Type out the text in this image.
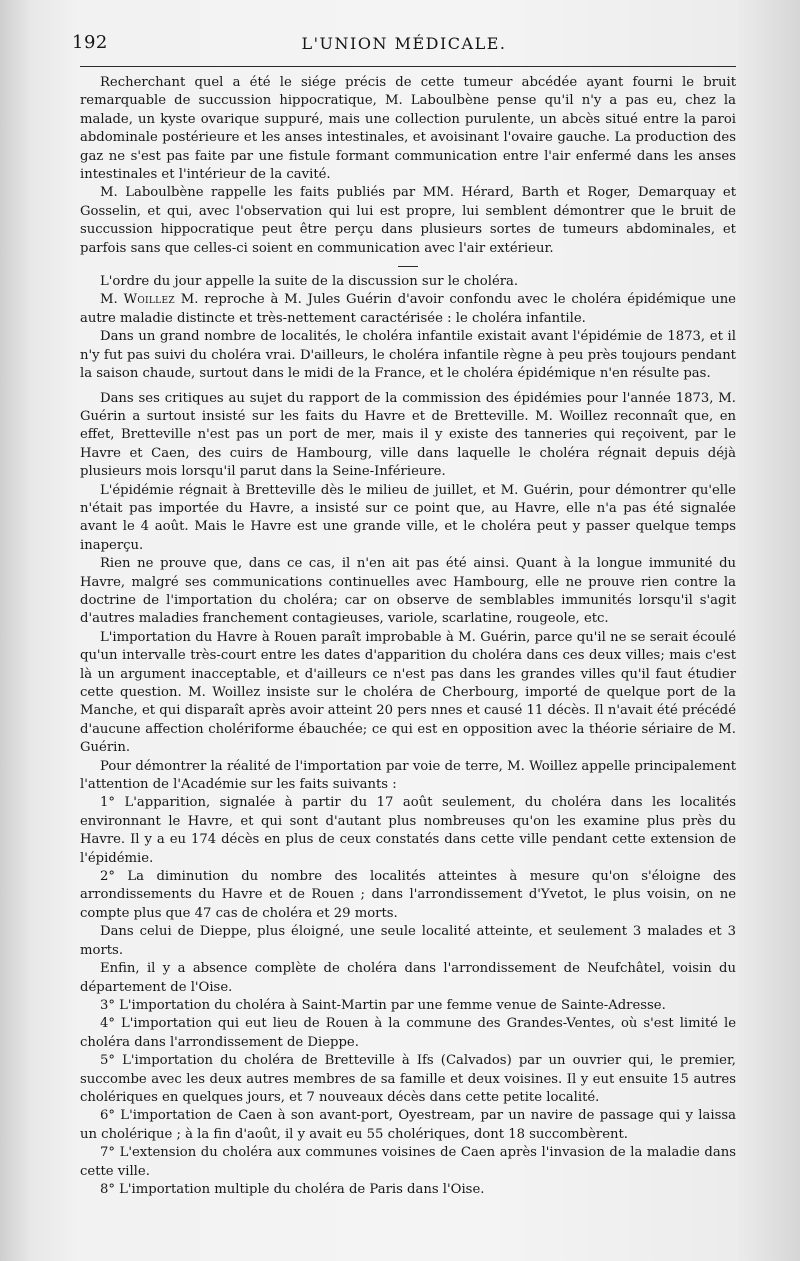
192	L'UNION MÉDICALE.

Recherchant quel a été le siége précis de cette tumeur abcédée ayant fourni le bruit remarquable de succussion hippocratique, M. Laboulbène pense qu'il n'y a pas eu, chez la malade, un kyste ovarique suppuré, mais une collection purulente, un abcès situé entre la paroi abdominale postérieure et les anses intestinales, et avoisinant l'ovaire gauche. La production des gaz ne s'est pas faite par une fistule formant communication entre l'air enfermé dans les anses intestinales et l'intérieur de la cavité.

M. Laboulbène rappelle les faits publiés par MM. Hérard, Barth et Roger, Demarquay et Gosselin, et qui, avec l'observation qui lui est propre, lui semblent démontrer que le bruit de succussion hippocratique peut être perçu dans plusieurs sortes de tumeurs abdominales, et parfois sans que celles-ci soient en communication avec l'air extérieur.

L'ordre du jour appelle la suite de la discussion sur le choléra.

M. Woillez M. reproche à M. Jules Guérin d'avoir confondu avec le choléra épidémique une autre maladie distincte et très-nettement caractérisée : le choléra infantile.

Dans un grand nombre de localités, le choléra infantile existait avant l'épidémie de 1873, et il n'y fut pas suivi du choléra vrai. D'ailleurs, le choléra infantile règne à peu près toujours pendant la saison chaude, surtout dans le midi de la France, et le choléra épidémique n'en résulte pas.

Dans ses critiques au sujet du rapport de la commission des épidémies pour l'année 1873, M. Guérin a surtout insisté sur les faits du Havre et de Bretteville. M. Woillez reconnaît que, en effet, Bretteville n'est pas un port de mer, mais il y existe des tanneries qui reçoivent, par le Havre et Caen, des cuirs de Hambourg, ville dans laquelle le choléra régnait depuis déjà plusieurs mois lorsqu'il parut dans la Seine-Inférieure.

L'épidémie régnait à Bretteville dès le milieu de juillet, et M. Guérin, pour démontrer qu'elle n'était pas importée du Havre, a insisté sur ce point que, au Havre, elle n'a pas été signalée avant le 4 août. Mais le Havre est une grande ville, et le choléra peut y passer quelque temps inaperçu.

Rien ne prouve que, dans ce cas, il n'en ait pas été ainsi. Quant à la longue immunité du Havre, malgré ses communications continuelles avec Hambourg, elle ne prouve rien contre la doctrine de l'importation du choléra; car on observe de semblables immunités lorsqu'il s'agit d'autres maladies franchement contagieuses, variole, scarlatine, rougeole, etc.

L'importation du Havre à Rouen paraît improbable à M. Guérin, parce qu'il ne se serait écoulé qu'un intervalle très-court entre les dates d'apparition du choléra dans ces deux villes; mais c'est là un argument inacceptable, et d'ailleurs ce n'est pas dans les grandes villes qu'il faut étudier cette question. M. Woillez insiste sur le choléra de Cherbourg, importé de quelque port de la Manche, et qui disparaît après avoir atteint 20 pers nnes et causé 11 décès. Il n'avait été précédé d'aucune affection cholériforme ébauchée; ce qui est en opposition avec la théorie sériaire de M. Guérin.

Pour démontrer la réalité de l'importation par voie de terre, M. Woillez appelle principalement l'attention de l'Académie sur les faits suivants :

1° L'apparition, signalée à partir du 17 août seulement, du choléra dans les localités environnant le Havre, et qui sont d'autant plus nombreuses qu'on les examine plus près du Havre. Il y a eu 174 décès en plus de ceux constatés dans cette ville pendant cette extension de l'épidémie.

2° La diminution du nombre des localités atteintes à mesure qu'on s'éloigne des arrondissements du Havre et de Rouen ; dans l'arrondissement d'Yvetot, le plus voisin, on ne compte plus que 47 cas de choléra et 29 morts.

Dans celui de Dieppe, plus éloigné, une seule localité atteinte, et seulement 3 malades et 3 morts.

Enfin, il y a absence complète de choléra dans l'arrondissement de Neufchâtel, voisin du département de l'Oise.

3° L'importation du choléra à Saint-Martin par une femme venue de Sainte-Adresse.

4° L'importation qui eut lieu de Rouen à la commune des Grandes-Ventes, où s'est limité le choléra dans l'arrondissement de Dieppe.

5° L'importation du choléra de Bretteville à Ifs (Calvados) par un ouvrier qui, le premier, succombe avec les deux autres membres de sa famille et deux voisines. Il y eut ensuite 15 autres cholériques en quelques jours, et 7 nouveaux décès dans cette petite localité.

6° L'importation de Caen à son avant-port, Oyestream, par un navire de passage qui y laissa un cholérique ; à la fin d'août, il y avait eu 55 cholériques, dont 18 succombèrent.

7° L'extension du choléra aux communes voisines de Caen après l'invasion de la maladie dans cette ville.

8° L'importation multiple du choléra de Paris dans l'Oise.
